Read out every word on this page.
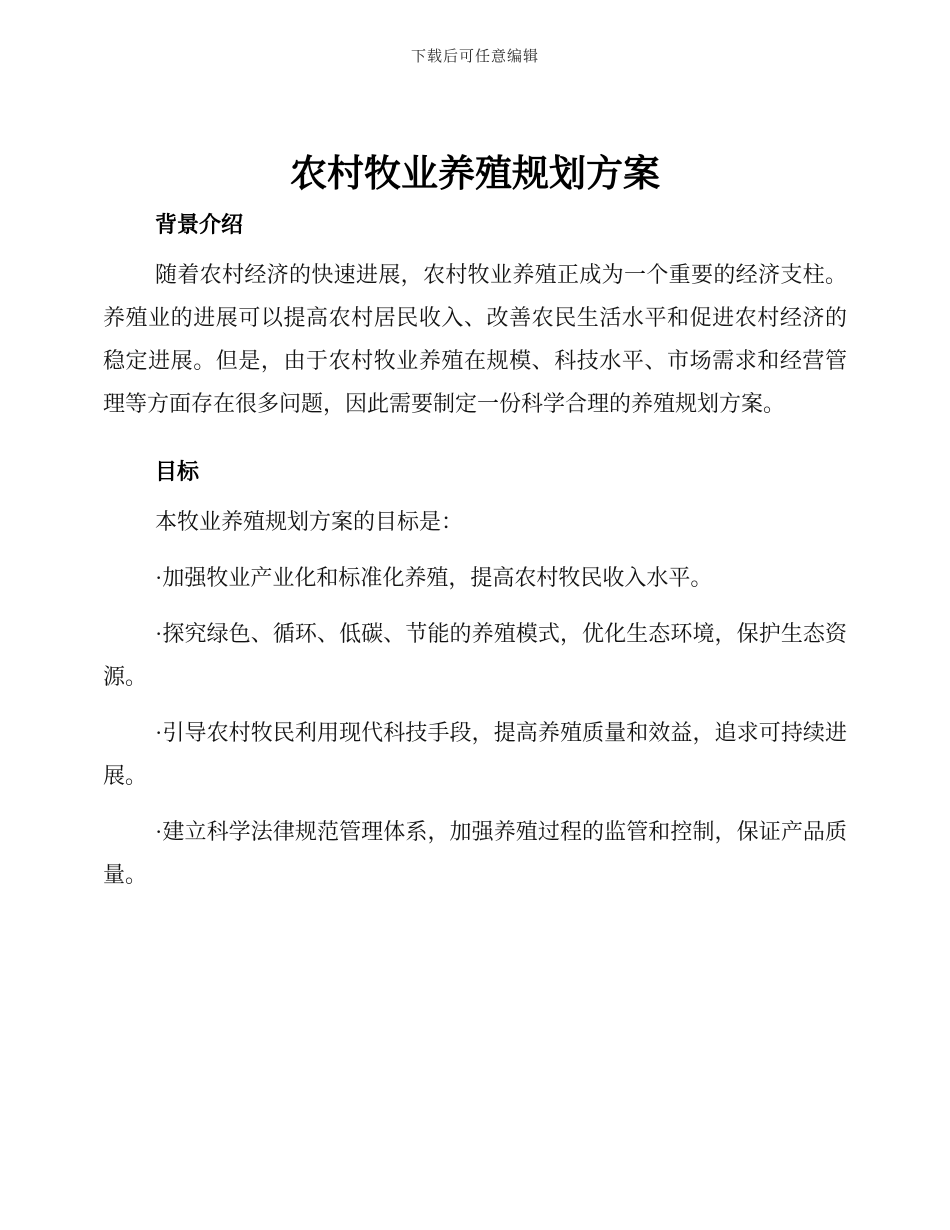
下载后可任意编辑
农村牧业养殖规划方案
背景介绍

随着农村经济的快速进展，农村牧业养殖正成为一个重要的经济支柱。养殖业的进展可以提高农村居民收入、改善农民生活水平和促进农村经济的稳定进展。但是，由于农村牧业养殖在规模、科技水平、市场需求和经营管理等方面存在很多问题，因此需要制定一份科学合理的养殖规划方案。

目标

本牧业养殖规划方案的目标是：

·加强牧业产业化和标准化养殖，提高农村牧民收入水平。

·探究绿色、循环、低碳、节能的养殖模式，优化生态环境，保护生态资源。

·引导农村牧民利用现代科技手段，提高养殖质量和效益，追求可持续进展。

·建立科学法律规范管理体系，加强养殖过程的监管和控制，保证产品质量。
